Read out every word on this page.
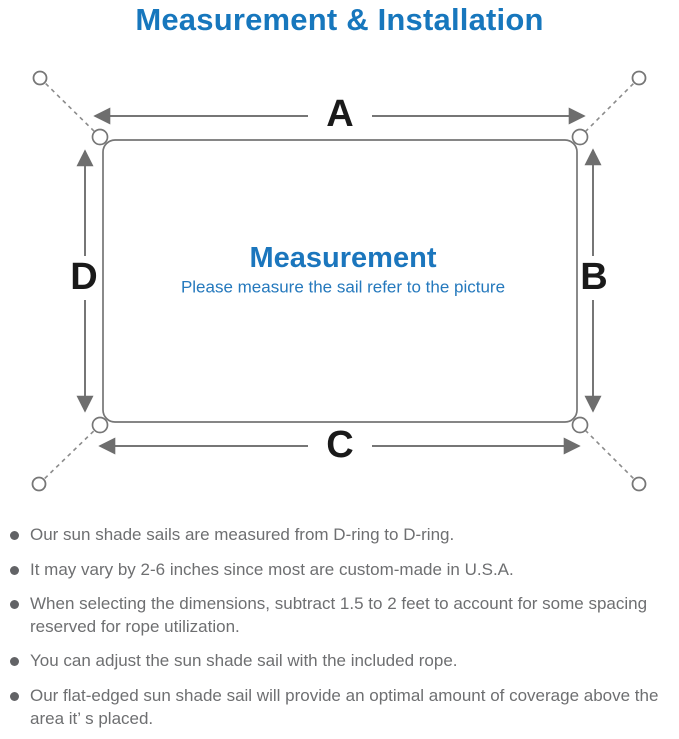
Measurement & Installation
A
B
C
D	Measurement
Please measure the sail refer to the picture
Our sun shade sails are measured from D-ring to D-ring.
It may vary by 2-6 inches since most are custom-made in U.S.A.
When selecting the dimensions, subtract 1.5 to 2 feet to account for some spacing reserved for rope utilization.
You can adjust the sun shade sail with the included rope.
Our flat-edged sun shade sail will provide an optimal amount of coverage above the area it’ s placed.
